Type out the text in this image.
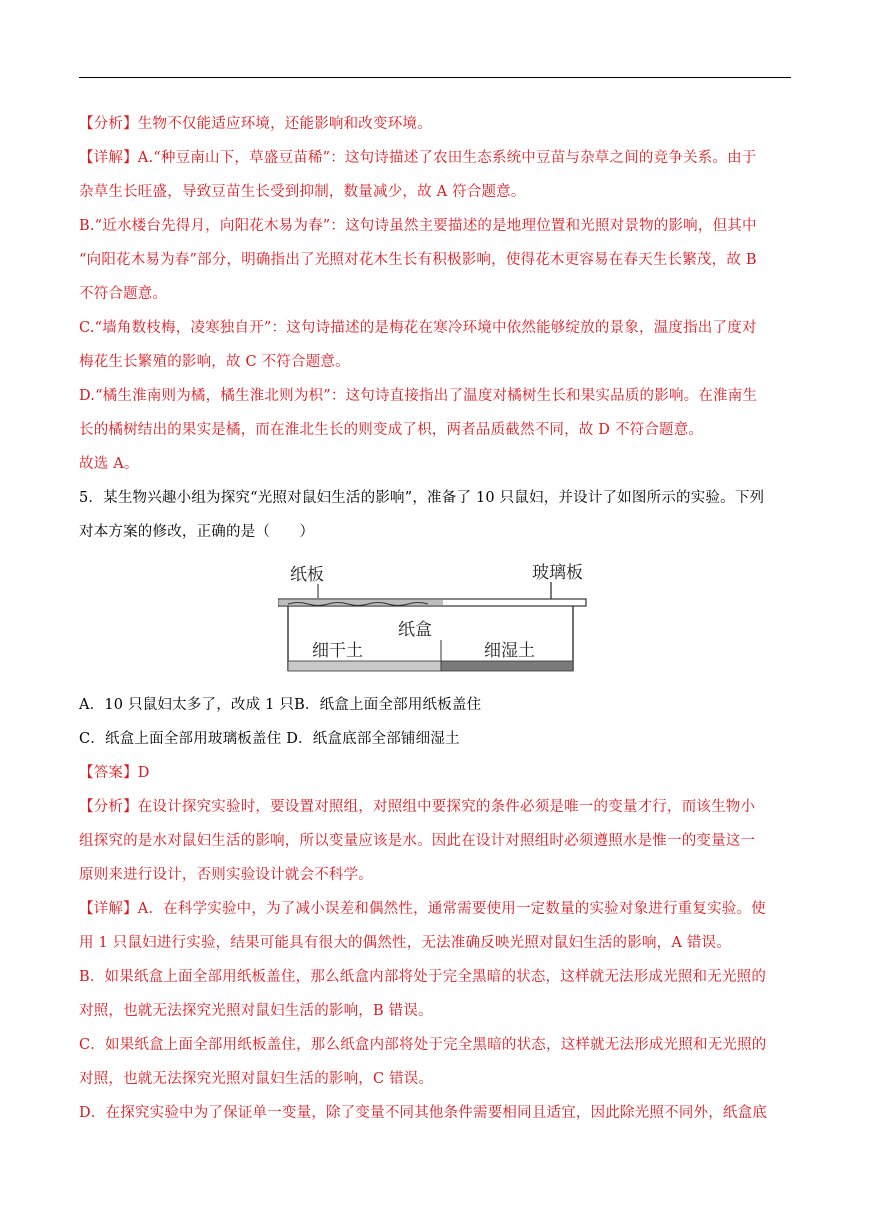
【分析】生物不仅能适应环境，还能影响和改变环境。
【详解】A.“种豆南山下，草盛豆苗稀”：这句诗描述了农田生态系统中豆苗与杂草之间的竞争关系。由于
杂草生长旺盛，导致豆苗生长受到抑制，数量减少，故 A 符合题意。
B.“近水楼台先得月，向阳花木易为春”：这句诗虽然主要描述的是地理位置和光照对景物的影响，但其中
“向阳花木易为春”部分，明确指出了光照对花木生长有积极影响，使得花木更容易在春天生长繁茂，故 B
不符合题意。
C.“墙角数枝梅，凌寒独自开”：这句诗描述的是梅花在寒冷环境中依然能够绽放的景象，温度指出了度对
梅花生长繁殖的影响，故 C 不符合题意。
D.“橘生淮南则为橘，橘生淮北则为枳”：这句诗直接指出了温度对橘树生长和果实品质的影响。在淮南生
长的橘树结出的果实是橘，而在淮北生长的则变成了枳，两者品质截然不同，故 D 不符合题意。
故选 A。
5．某生物兴趣小组为探究“光照对鼠妇生活的影响”，准备了 10 只鼠妇，并设计了如图所示的实验。下列
对本方案的修改，正确的是（　　）
纸板	玻璃板
纸盒
细干土	细湿土
A．10 只鼠妇太多了，改成 1 只B．纸盒上面全部用纸板盖住
C．纸盒上面全部用玻璃板盖住 D．纸盒底部全部铺细湿土
【答案】D
【分析】在设计探究实验时，要设置对照组，对照组中要探究的条件必须是唯一的变量才行，而该生物小
组探究的是水对鼠妇生活的影响，所以变量应该是水。因此在设计对照组时必须遵照水是惟一的变量这一
原则来进行设计，否则实验设计就会不科学。
【详解】A．在科学实验中，为了减小误差和偶然性，通常需要使用一定数量的实验对象进行重复实验。使
用 1 只鼠妇进行实验，结果可能具有很大的偶然性，无法准确反映光照对鼠妇生活的影响，A 错误。
B．如果纸盒上面全部用纸板盖住，那么纸盒内部将处于完全黑暗的状态，这样就无法形成光照和无光照的
对照，也就无法探究光照对鼠妇生活的影响，B 错误。
C．如果纸盒上面全部用纸板盖住，那么纸盒内部将处于完全黑暗的状态，这样就无法形成光照和无光照的
对照，也就无法探究光照对鼠妇生活的影响，C 错误。
D．在探究实验中为了保证单一变量，除了变量不同其他条件需要相同且适宜，因此除光照不同外，纸盒底
